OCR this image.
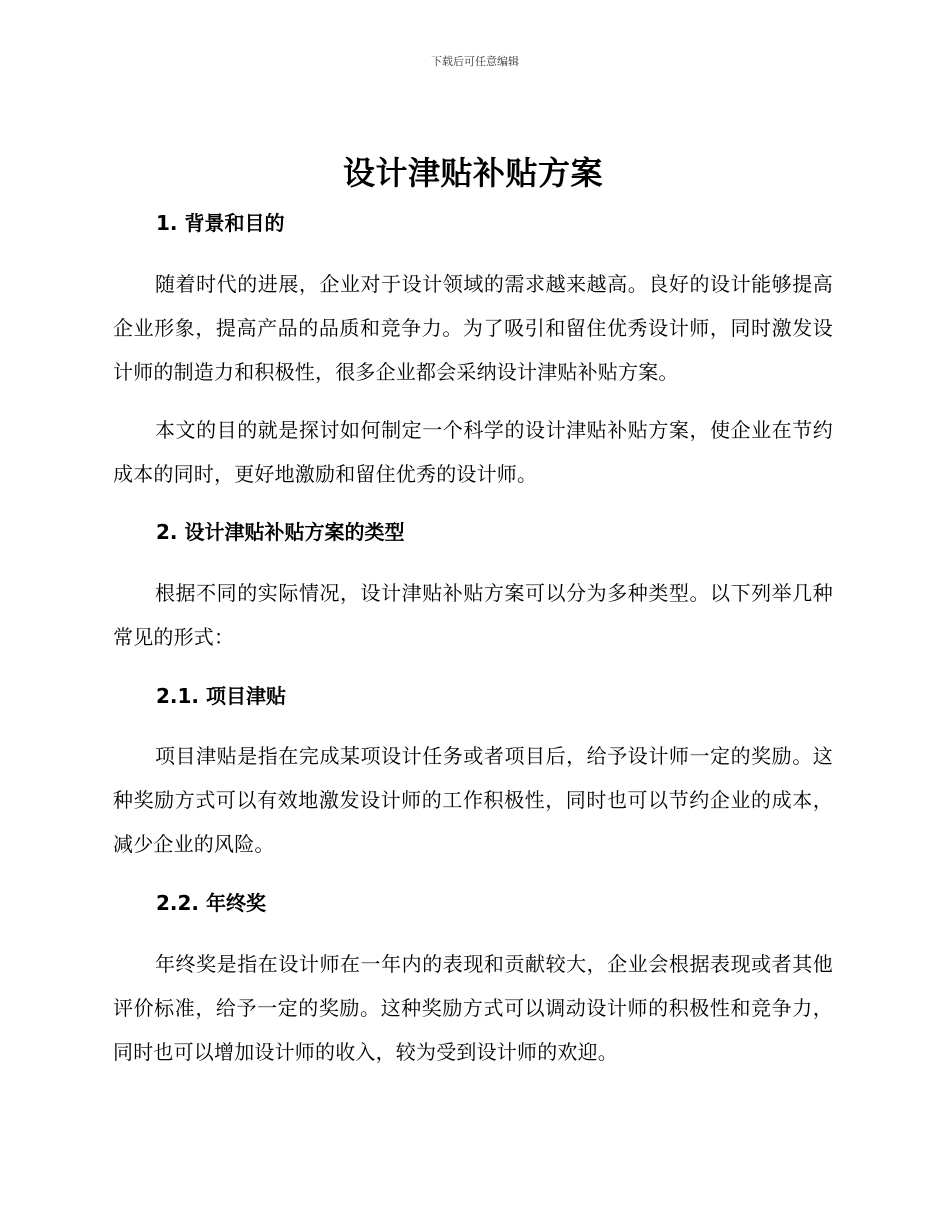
下载后可任意编辑
设计津贴补贴方案
1. 背景和目的

随着时代的进展，企业对于设计领域的需求越来越高。良好的设计能够提高企业形象，提高产品的品质和竞争力。为了吸引和留住优秀设计师，同时激发设计师的制造力和积极性，很多企业都会采纳设计津贴补贴方案。

本文的目的就是探讨如何制定一个科学的设计津贴补贴方案，使企业在节约成本的同时，更好地激励和留住优秀的设计师。

2. 设计津贴补贴方案的类型

根据不同的实际情况，设计津贴补贴方案可以分为多种类型。以下列举几种常见的形式：

2.1. 项目津贴

项目津贴是指在完成某项设计任务或者项目后，给予设计师一定的奖励。这种奖励方式可以有效地激发设计师的工作积极性，同时也可以节约企业的成本，减少企业的风险。

2.2. 年终奖

年终奖是指在设计师在一年内的表现和贡献较大，企业会根据表现或者其他评价标准，给予一定的奖励。这种奖励方式可以调动设计师的积极性和竞争力，同时也可以增加设计师的收入，较为受到设计师的欢迎。
